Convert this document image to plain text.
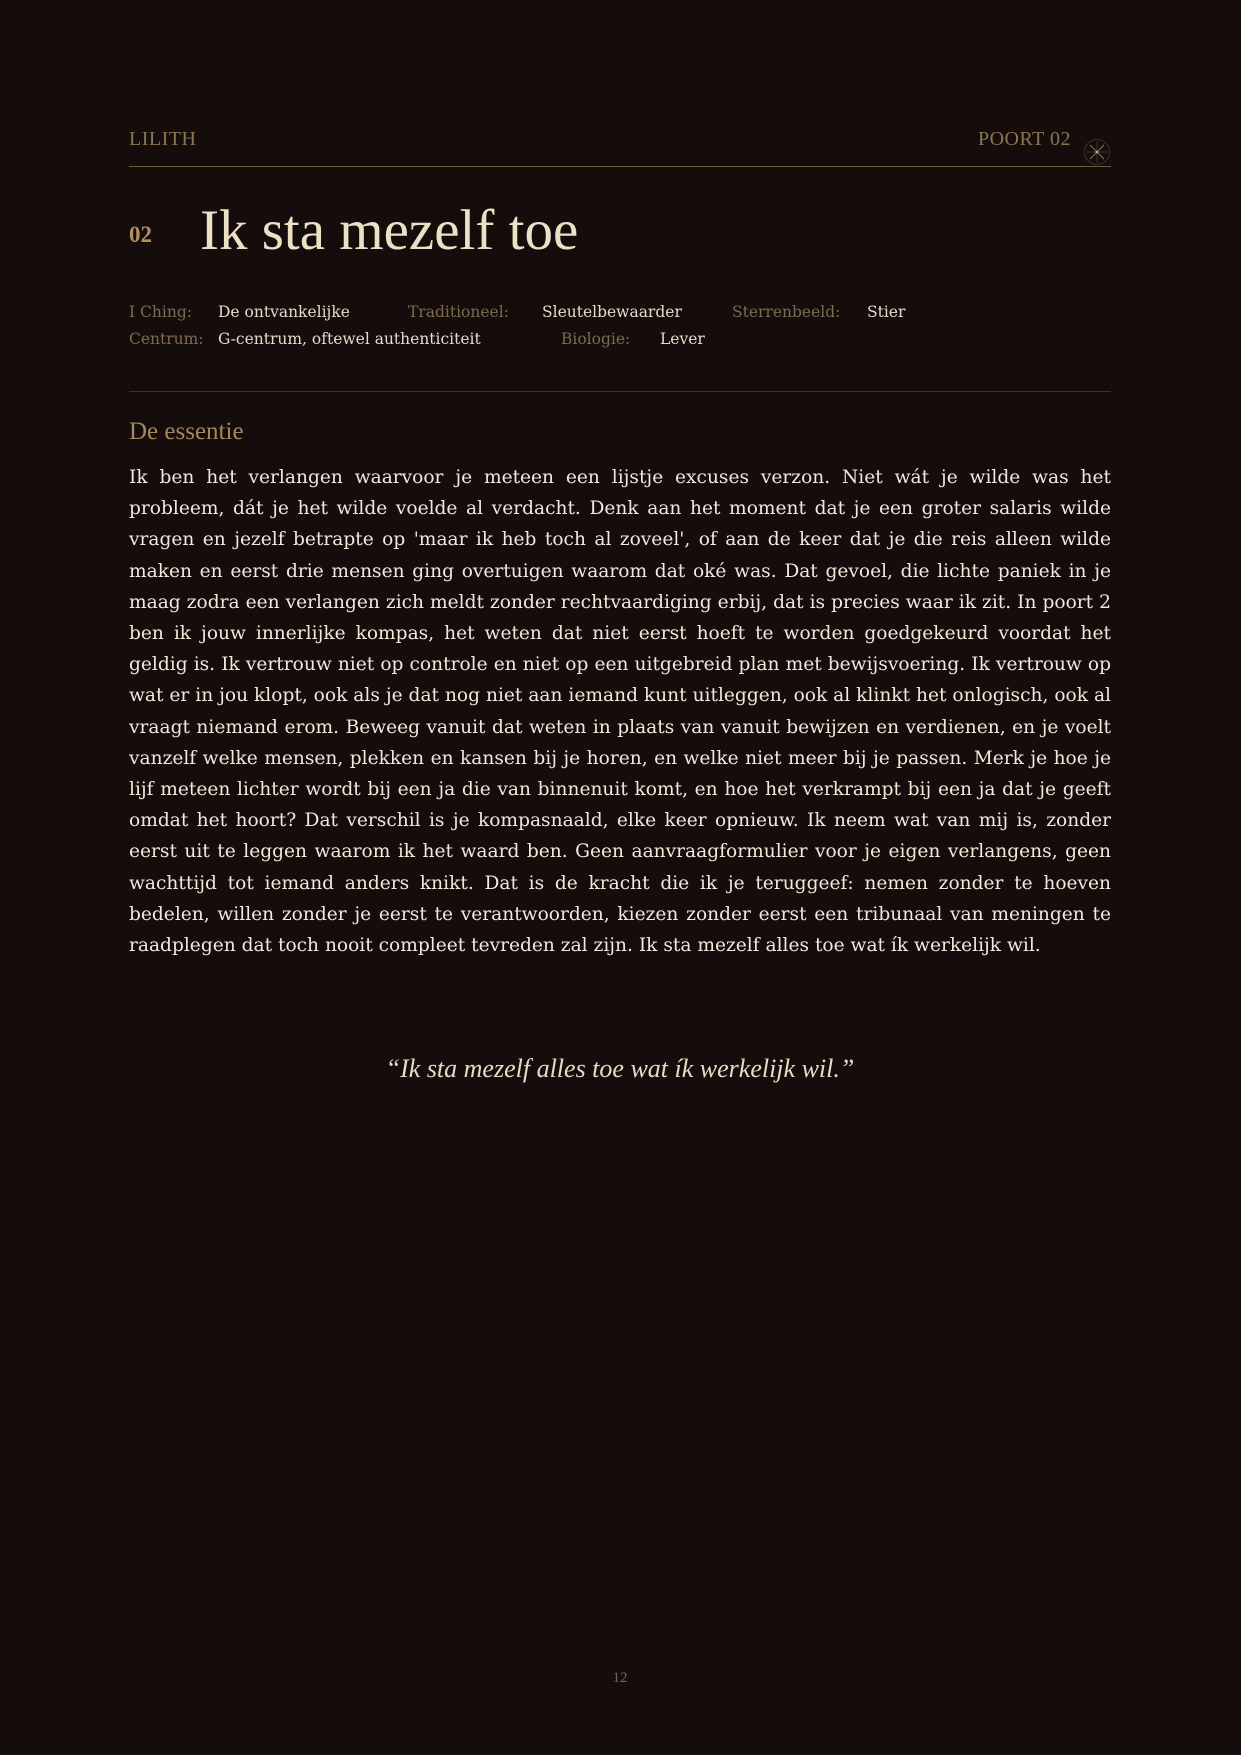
LILITH	POORT 02
02 Ik sta mezelf toe
I Ching: De ontvankelijke	Traditioneel: Sleutelbewaarder	Sterrenbeeld: Stier
Centrum: G-centrum, oftewel authenticiteit	Biologie: Lever
De essentie

Ik ben het verlangen waarvoor je meteen een lijstje excuses verzon. Niet wát je wilde was het probleem, dát je het wilde voelde al verdacht. Denk aan het moment dat je een groter salaris wilde vragen en jezelf betrapte op 'maar ik heb toch al zoveel', of aan de keer dat je die reis alleen wilde maken en eerst drie mensen ging overtuigen waarom dat oké was. Dat gevoel, die lichte paniek in je maag zodra een verlangen zich meldt zonder rechtvaardiging erbij, dat is precies waar ik zit. In poort 2 ben ik jouw innerlijke kompas, het weten dat niet eerst hoeft te worden goedgekeurd voordat het geldig is. Ik vertrouw niet op controle en niet op een uitgebreid plan met bewijsvoering. Ik vertrouw op wat er in jou klopt, ook als je dat nog niet aan iemand kunt uitleggen, ook al klinkt het onlogisch, ook al vraagt niemand erom. Beweeg vanuit dat weten in plaats van vanuit bewijzen en verdienen, en je voelt vanzelf welke mensen, plekken en kansen bij je horen, en welke niet meer bij je passen. Merk je hoe je lijf meteen lichter wordt bij een ja die van binnenuit komt, en hoe het verkrampt bij een ja dat je geeft omdat het hoort? Dat verschil is je kompasnaald, elke keer opnieuw. Ik neem wat van mij is, zonder eerst uit te leggen waarom ik het waard ben. Geen aanvraagformulier voor je eigen verlangens, geen wachttijd tot iemand anders knikt. Dat is de kracht die ik je teruggeef: nemen zonder te hoeven bedelen, willen zonder je eerst te verantwoorden, kiezen zonder eerst een tribunaal van meningen te raadplegen dat toch nooit compleet tevreden zal zijn. Ik sta mezelf alles toe wat ík werkelijk wil.

“Ik sta mezelf alles toe wat ík werkelijk wil.”
12
